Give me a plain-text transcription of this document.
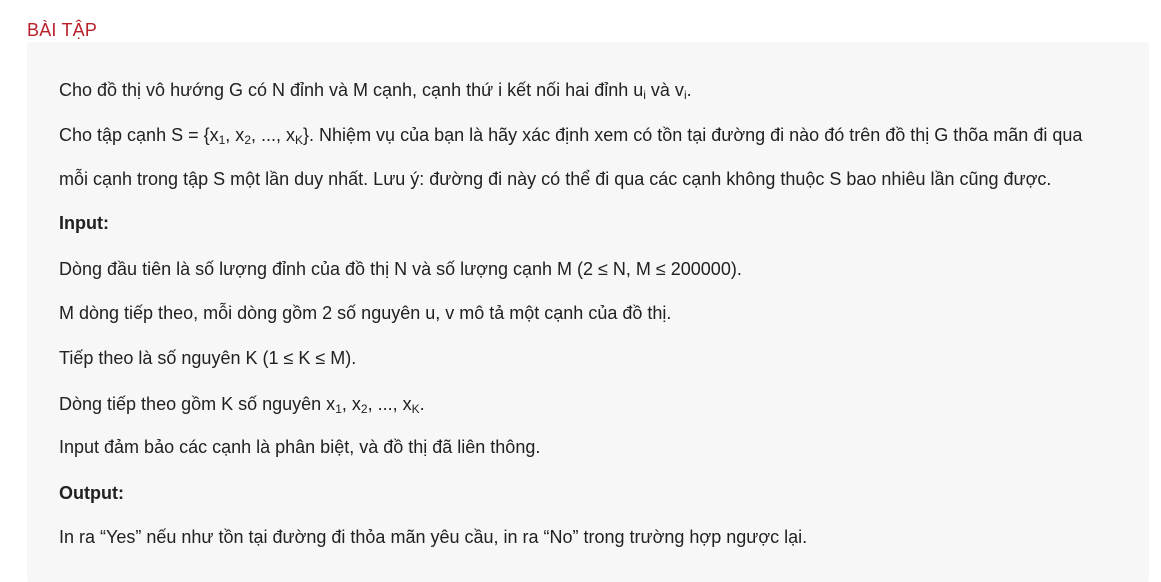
BÀI TẬP
Cho đồ thị vô hướng G có N đỉnh và M cạnh, cạnh thứ i kết nối hai đỉnh $u_i$ và $v_i$.
Cho tập cạnh $S = \{x_1$, $x_2$, ..., $x_K$}. Nhiệm vụ của bạn là hãy xác định xem có tồn tại đường đi nào đó trên đồ thị G thõa mãn đi qua
mỗi cạnh trong tập S một lần duy nhất. Lưu ý: đường đi này có thể đi qua các cạnh không thuộc S bao nhiêu lần cũng được.
Input:
Dòng đầu tiên là số lượng đỉnh của đồ thị N và số lượng cạnh M (2 ≤ N, M ≤ 200000).
M dòng tiếp theo, mỗi dòng gồm 2 số nguyên u, v mô tả một cạnh của đồ thị.
Tiếp theo là số nguyên K (1 ≤ K ≤ M).
Dòng tiếp theo gồm K số nguyên $x_1$, $x_2$, ..., $x_K$.
Input đảm bảo các cạnh là phân biệt, và đồ thị đã liên thông.
Output:
In ra “Yes” nếu như tồn tại đường đi thỏa mãn yêu cầu, in ra “No” trong trường hợp ngược lại.
